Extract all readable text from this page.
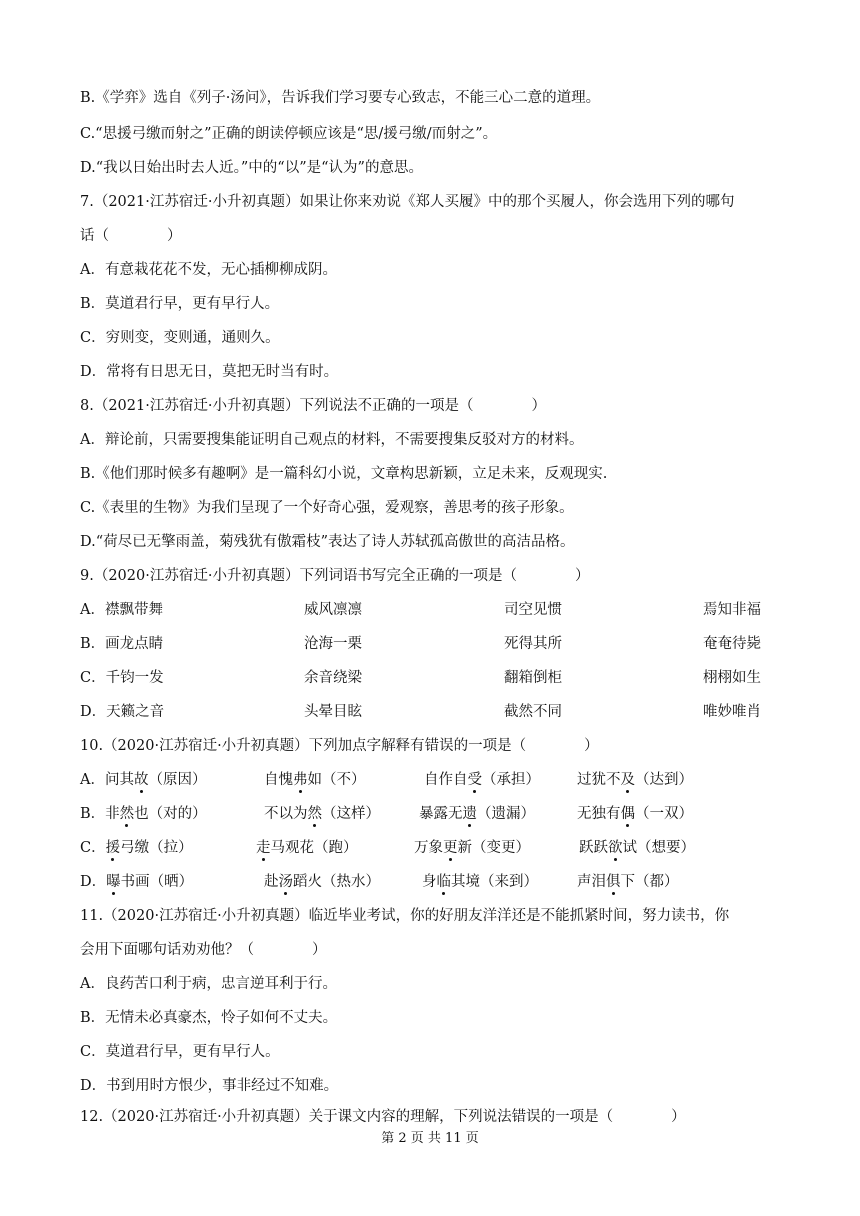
B.《学弈》选自《列子·汤问》，告诉我们学习要专心致志，不能三心二意的道理。
C.“思援弓缴而射之”正确的朗读停顿应该是“思/援弓缴/而射之”。
D.“我以日始出时去人近。”中的“以”是“认为”的意思。
7.（2021·江苏宿迁·小升初真题）如果让你来劝说《郑人买履》中的那个买履人，你会选用下列的哪句
话（　　　　）
A．有意栽花花不发，无心插柳柳成阴。
B．莫道君行早，更有早行人。
C．穷则变，变则通，通则久。
D．常将有日思无日，莫把无时当有时。
8.（2021·江苏宿迁·小升初真题）下列说法不正确的一项是（　　　　）
A．辩论前，只需要搜集能证明自己观点的材料，不需要搜集反驳对方的材料。
B.《他们那时候多有趣啊》是一篇科幻小说，文章构思新颖，立足未来，反观现实.
C.《表里的生物》为我们呈现了一个好奇心强，爱观察，善思考的孩子形象。
D.“荷尽已无擎雨盖，菊残犹有傲霜枝”表达了诗人苏轼孤高傲世的高洁品格。
9.（2020·江苏宿迁·小升初真题）下列词语书写完全正确的一项是（　　　　）
A．襟飘带舞	威风凛凛	司空见惯	焉知非福
B．画龙点睛	沧海一栗	死得其所	奄奄待毙
C．千钧一发	余音绕梁	翻箱倒柜	栩栩如生
D．天籁之音	头晕目眩	截然不同	唯妙唯肖
10.（2020·江苏宿迁·小升初真题）下列加点字解释有错误的一项是（　　　　）
A．问其故（原因）	自愧弗如（不）	自作自受（承担）	过犹不及（达到）
B．非然也（对的）	不以为然（这样）	暴露无遗（遗漏）	无独有偶（一双）
C．援弓缴（拉）	走马观花（跑）	万象更新（变更）	跃跃欲试（想要）
D．曝书画（晒）	赴汤蹈火（热水）	身临其境（来到）	声泪俱下（都）
11.（2020·江苏宿迁·小升初真题）临近毕业考试，你的好朋友洋洋还是不能抓紧时间，努力读书，你
会用下面哪句话劝劝他？（　　　　）
A．良药苦口利于病，忠言逆耳利于行。
B．无情未必真豪杰，怜子如何不丈夫。
C．莫道君行早，更有早行人。
D．书到用时方恨少，事非经过不知难。
12.（2020·江苏宿迁·小升初真题）关于课文内容的理解，下列说法错误的一项是（　　　　）
第 2 页 共 11 页
